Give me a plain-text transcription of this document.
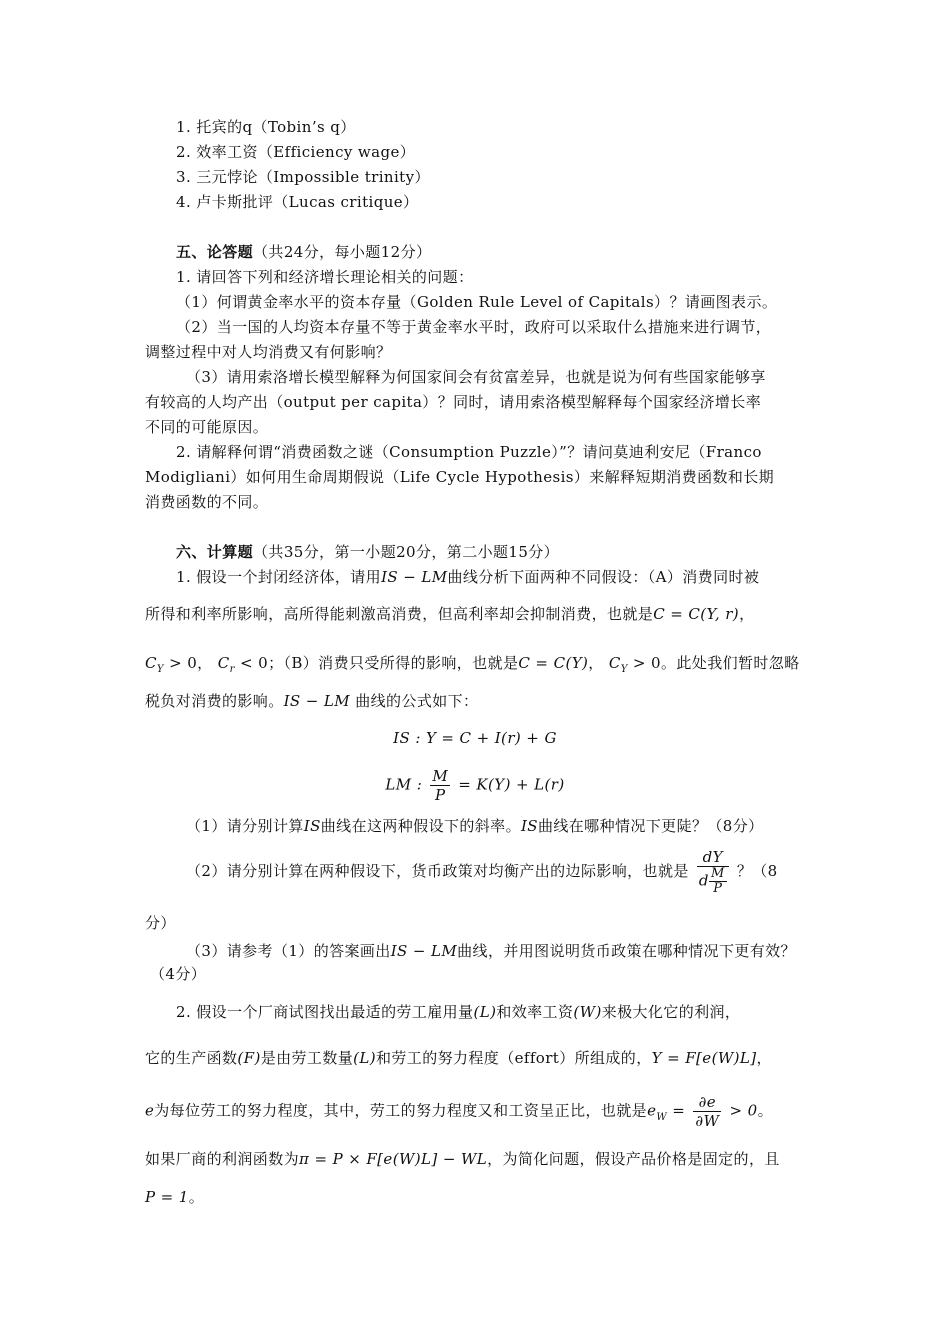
1. 托宾的q（Tobin’s q）
2. 效率工资（Efficiency wage）
3. 三元悖论（Impossible trinity）
4. 卢卡斯批评（Lucas critique）
五、论答题（共24分，每小题12分）
1. 请回答下列和经济增长理论相关的问题：
（1）何谓黄金率水平的资本存量（Golden Rule Level of Capitals）？请画图表示。
（2）当一国的人均资本存量不等于黄金率水平时，政府可以采取什么措施来进行调节，
调整过程中对人均消费又有何影响？
（3）请用索洛增长模型解释为何国家间会有贫富差异，也就是说为何有些国家能够享
有较高的人均产出（output per capita）？同时，请用索洛模型解释每个国家经济增长率
不同的可能原因。
2. 请解释何谓“消费函数之谜（Consumption Puzzle）”？请问莫迪利安尼（Franco
Modigliani）如何用生命周期假说（Life Cycle Hypothesis）来解释短期消费函数和长期
消费函数的不同。
六、计算题（共35分，第一小题20分，第二小题15分）
1. 假设一个封闭经济体，请用IS − LM曲线分析下面两种不同假设：（A）消费同时被
所得和利率所影响，高所得能刺激高消费，但高利率却会抑制消费，也就是C = C(Y, r)，
$C_Y > 0$， $C_r < 0$；（B）消费只受所得的影响，也就是C = C(Y)， $C_Y > 0$。此处我们暂时忽略
税负对消费的影响。IS − LM 曲线的公式如下：
IS : Y = C + I(r) + G
LM : $\frac{M}{P} = K(Y) + L(r)$
（1）请分别计算IS曲线在这两种假设下的斜率。IS曲线在哪种情况下更陡？（8分）
（2）请分别计算在两种假设下，货币政策对均衡产出的边际影响，也就是 $\frac{dY}{d \frac{M}{P}}$ ？（8
分）
（3）请参考（1）的答案画出IS − LM曲线，并用图说明货币政策在哪种情况下更有效？
（4分）
2. 假设一个厂商试图找出最适的劳工雇用量(L)和效率工资(W)来极大化它的利润，
它的生产函数(F)是由劳工数量(L)和劳工的努力程度（effort）所组成的，Y = F[e(W)L]，
e为每位劳工的努力程度，其中，劳工的努力程度又和工资呈正比，也就是$e_W = \frac{\partial e}{\partial W} > 0$。
如果厂商的利润函数为π = P × F[e(W)L] − WL，为简化问题，假设产品价格是固定的，且
P = 1。
